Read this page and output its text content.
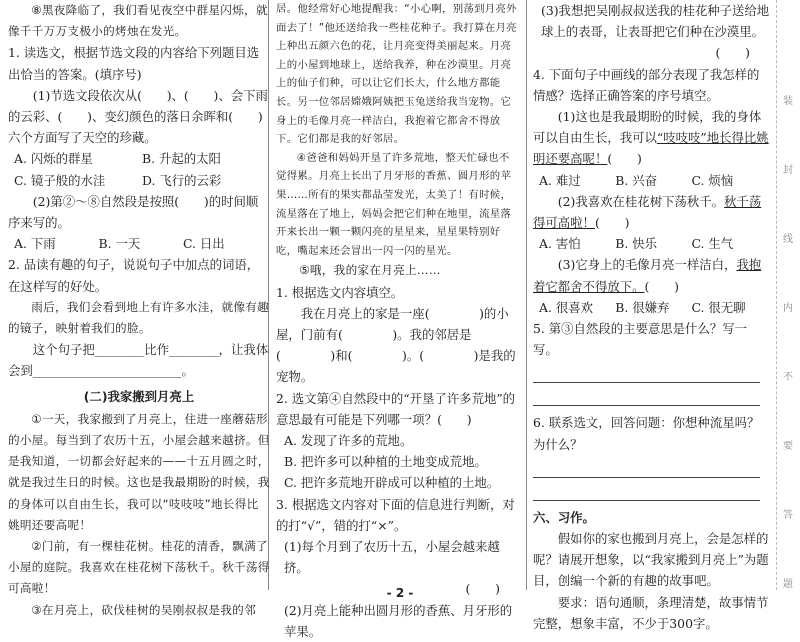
⑧黑夜降临了，我们看见夜空中群星闪烁，就像千千万万支极小的烤烛在发光。

1. 读选文，根据节选文段的内容给下列题目选出恰当的答案。(填序号)

(1)节选文段依次从(　　)、(　　)、会下雨的云彩、(　　)、变幻颜色的落日余晖和(　　)六个方面写了天空的珍藏。

A. 闪烁的群星	B. 升起的太阳
C. 镜子般的水洼	D. 飞行的云彩

(2)第②～⑧自然段是按照(　　)的时间顺序来写的。

A. 下雨	B. 一天	C. 日出

2. 品读有趣的句子，说说句子中加点的词语，在这样写的好处。

雨后，我们会看到地上有许多水洼，就像有趣的镜子，映射着我们的脸。

这个句子把________比作________，让我体会到________________________。

(二)我家搬到月亮上

①一天，我家搬到了月亮上，住进一座蘑菇形的小屋。每当到了农历十五，小屋会越来越挤。但是我知道，一切都会好起来的——十五月圆之时，就是我过生日的时候。这也是我最期盼的时候，我的身体可以自由生长，我可以“吱吱吱”地长得比姚明还要高呢！

②门前，有一棵桂花树。桂花的清香，飘满了小屋的庭院。我喜欢在桂花树下荡秋千。秋千荡得可高啦！

③在月亮上，砍伐桂树的吴刚叔叔是我的邻

居。他经常好心地提醒我：“小心啊，别荡到月亮外面去了！”他还送给我一些桂花种子。我打算在月亮上种出五颜六色的花，让月亮变得美丽起来。月亮上的小屋到地球上，送给我养，种在沙漠里。月亮上的仙子们种，可以让它们长大，什么地方都能长。另一位邻居嫦娥阿姨把玉兔送给我当宠物。它身上的毛像月亮一样洁白，我抱着它都舍不得放下。它们都是我的好邻居。

④爸爸和妈妈开垦了许多荒地，整天忙碌也不觉得累。月亮上长出了月牙形的香蕉、圆月形的苹果……所有的果实都晶莹发光，太美了！有时候，流星落在了地上，妈妈会把它们种在地里，流星落开来长出一颗一颗闪亮的星星来，星星果特别好吃，嘴起来还会冒出一闪一闪的星光。

⑤哦，我的家在月亮上……

1. 根据选文内容填空。

我在月亮上的家是一座(　　　　)的小屋，门前有(　　　　)。我的邻居是(　　　　)和(　　　　)。(　　　　)是我的宠物。

2. 选文第④自然段中的“开垦了许多荒地”的意思最有可能是下列哪一项？(　　)

A. 发现了许多的荒地。

B. 把许多可以种植的土地变成荒地。

C. 把许多荒地开辟成可以种植的土地。

3. 根据选文内容对下面的信息进行判断，对的打“√”，错的打“×”。

(1)每个月到了农历十五，小屋会越来越挤。

(　　)

(2)月亮上能种出圆月形的香蕉、月牙形的苹果。

(3)我想把吴刚叔叔送我的桂花种子送给地球上的表哥，让表哥把它们种在沙漠里。

(　　)

4. 下面句子中画线的部分表现了我怎样的情感？选择正确答案的序号填空。

(1)这也是我最期盼的时候，我的身体可以自由生长，我可以“吱吱吱”地长得比姚明还要高呢！(　　)

A. 难过	B. 兴奋	C. 烦恼

(2)我喜欢在桂花树下荡秋千。秋千荡得可高啦！(　　)

A. 害怕	B. 快乐	C. 生气

(3)它身上的毛像月亮一样洁白，我抱着它都舍不得放下。(　　)

A. 很喜欢	B. 很嫌弃	C. 很无聊

5. 第③自然段的主要意思是什么？写一写。

6. 联系选文，回答问题：你想种流星吗？为什么？

六、习作。

假如你的家也搬到月亮上，会是怎样的呢？请展开想象，以“我家搬到月亮上”为题目，创编一个新的有趣的故事吧。

要求：语句通顺，条理清楚，故事情节完整，想象丰富，不少于300字。

装
封
线
内
不
要
答
题
- 2 -
